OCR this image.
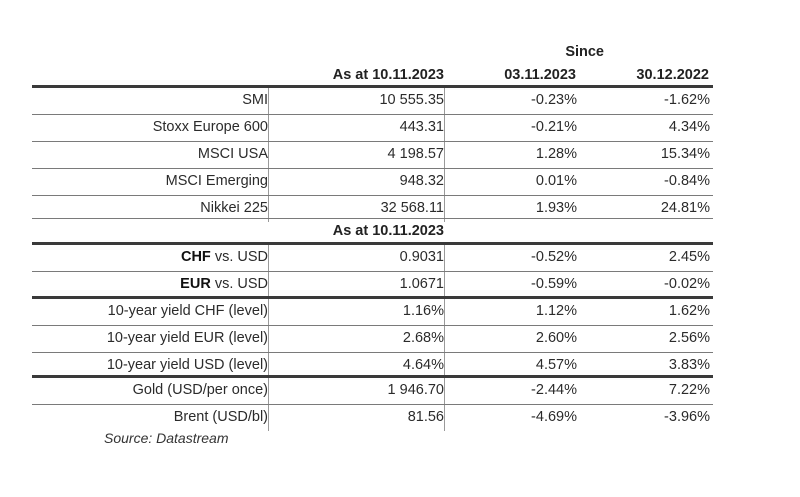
Since
As at 10.11.2023	03.11.2023	30.12.2022
SMI	10 555.35	-0.23%	-1.62%
Stoxx Europe 600	443.31	-0.21%	4.34%
MSCI USA	4 198.57	1.28%	15.34%
MSCI Emerging	948.32	0.01%	-0.84%
Nikkei 225	32 568.11	1.93%	24.81%
As at 10.11.2023
CHF vs. USD	0.9031	-0.52%	2.45%
EUR vs. USD	1.0671	-0.59%	-0.02%
10-year yield CHF (level)	1.16%	1.12%	1.62%
10-year yield EUR (level)	2.68%	2.60%	2.56%
10-year yield USD (level)	4.64%	4.57%	3.83%
Gold (USD/per once)	1 946.70	-2.44%	7.22%
Brent (USD/bl)	81.56	-4.69%	-3.96%
Source: Datastream
